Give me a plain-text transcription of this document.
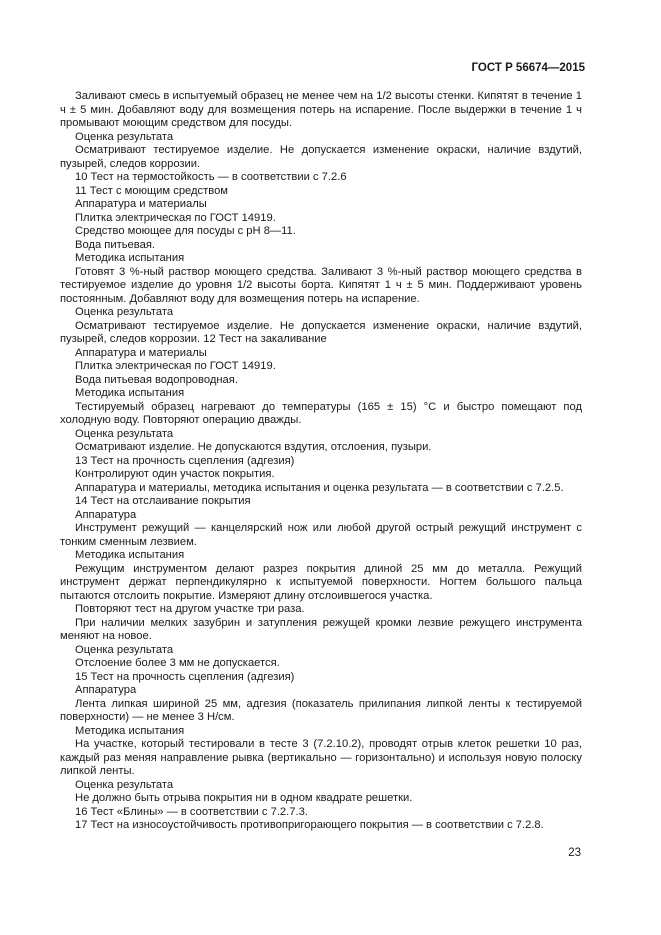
ГОСТ Р 56674—2015

Заливают смесь в испытуемый образец не менее чем на 1/2 высоты стенки. Кипятят в течение 1 ч ± 5 мин. Добавляют воду для возмещения потерь на испарение. После выдержки в течение 1 ч промывают моющим средством для посуды.

Оценка результата

Осматривают тестируемое изделие. Не допускается изменение окраски, наличие вздутий, пузырей, следов коррозии.

10 Тест на термостойкость — в соответствии с 7.2.6

11 Тест с моющим средством

Аппаратура и материалы

Плитка электрическая по ГОСТ 14919.

Средство моющее для посуды с рН 8—11.

Вода питьевая.

Методика испытания

Готовят 3 %-ный раствор моющего средства. Заливают 3 %-ный раствор моющего средства в тестируемое изделие до уровня 1/2 высоты борта. Кипятят 1 ч ± 5 мин. Поддерживают уровень постоянным. Добавляют воду для возмещения потерь на испарение.

Оценка результата

Осматривают тестируемое изделие. Не допускается изменение окраски, наличие вздутий, пузырей, следов коррозии. 12 Тест на закаливание

Аппаратура и материалы

Плитка электрическая по ГОСТ 14919.

Вода питьевая водопроводная.

Методика испытания

Тестируемый образец нагревают до температуры (165 ± 15) °С и быстро помещают под холодную воду. Повторяют операцию дважды.

Оценка результата

Осматривают изделие. Не допускаются вздутия, отслоения, пузыри.

13 Тест на прочность сцепления (адгезия)

Контролируют один участок покрытия.

Аппаратура и материалы, методика испытания и оценка результата — в соответствии с 7.2.5.

14 Тест на отслаивание покрытия

Аппаратура

Инструмент режущий — канцелярский нож или любой другой острый режущий инструмент с тонким сменным лезвием.

Методика испытания

Режущим инструментом делают разрез покрытия длиной 25 мм до металла. Режущий инструмент держат перпендикулярно к испытуемой поверхности. Ногтем большого пальца пытаются отслоить покрытие. Измеряют длину отслоившегося участка.

Повторяют тест на другом участке три раза.

При наличии мелких зазубрин и затупления режущей кромки лезвие режущего инструмента меняют на новое.

Оценка результата

Отслоение более 3 мм не допускается.

15 Тест на прочность сцепления (адгезия)

Аппаратура

Лента липкая шириной 25 мм, адгезия (показатель прилипания липкой ленты к тестируемой поверхности) — не менее 3 Н/см.

Методика испытания

На участке, который тестировали в тесте 3 (7.2.10.2), проводят отрыв клеток решетки 10 раз, каждый раз меняя направление рывка (вертикально — горизонтально) и используя новую полоску липкой ленты.

Оценка результата

Не должно быть отрыва покрытия ни в одном квадрате решетки.

16 Тест «Блины» — в соответствии с 7.2.7.3.

17 Тест на износоустойчивость противопригорающего покрытия — в соответствии с 7.2.8.

23
